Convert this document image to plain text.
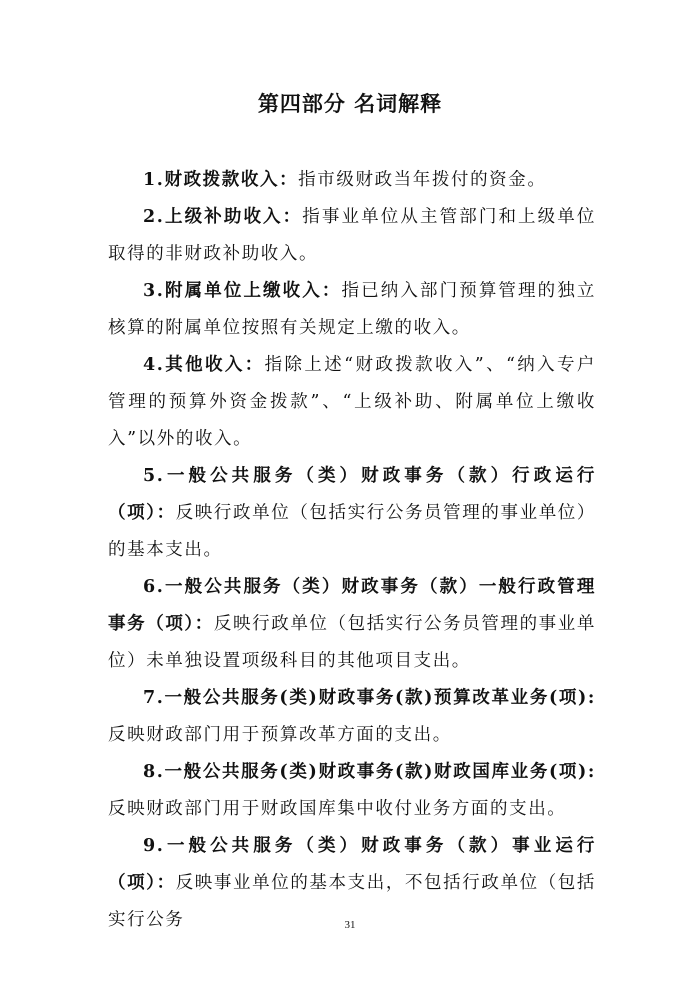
第四部分 名词解释

1.财政拨款收入：指市级财政当年拨付的资金。

2.上级补助收入：指事业单位从主管部门和上级单位取得的非财政补助收入。

3.附属单位上缴收入：指已纳入部门预算管理的独立核算的附属单位按照有关规定上缴的收入。

4.其他收入：指除上述“财政拨款收入”、“纳入专户管理的预算外资金拨款”、“上级补助、附属单位上缴收入”以外的收入。

5.一般公共服务（类）财政事务（款）行政运行（项）：反映行政单位（包括实行公务员管理的事业单位）的基本支出。

6.一般公共服务（类）财政事务（款）一般行政管理事务（项）：反映行政单位（包括实行公务员管理的事业单位）未单独设置项级科目的其他项目支出。

7.一般公共服务(类)财政事务(款)预算改革业务(项):反映财政部门用于预算改革方面的支出。

8.一般公共服务(类)财政事务(款)财政国库业务(项):反映财政部门用于财政国库集中收付业务方面的支出。

9.一般公共服务（类）财政事务（款）事业运行（项）：反映事业单位的基本支出，不包括行政单位（包括实行公务	31
